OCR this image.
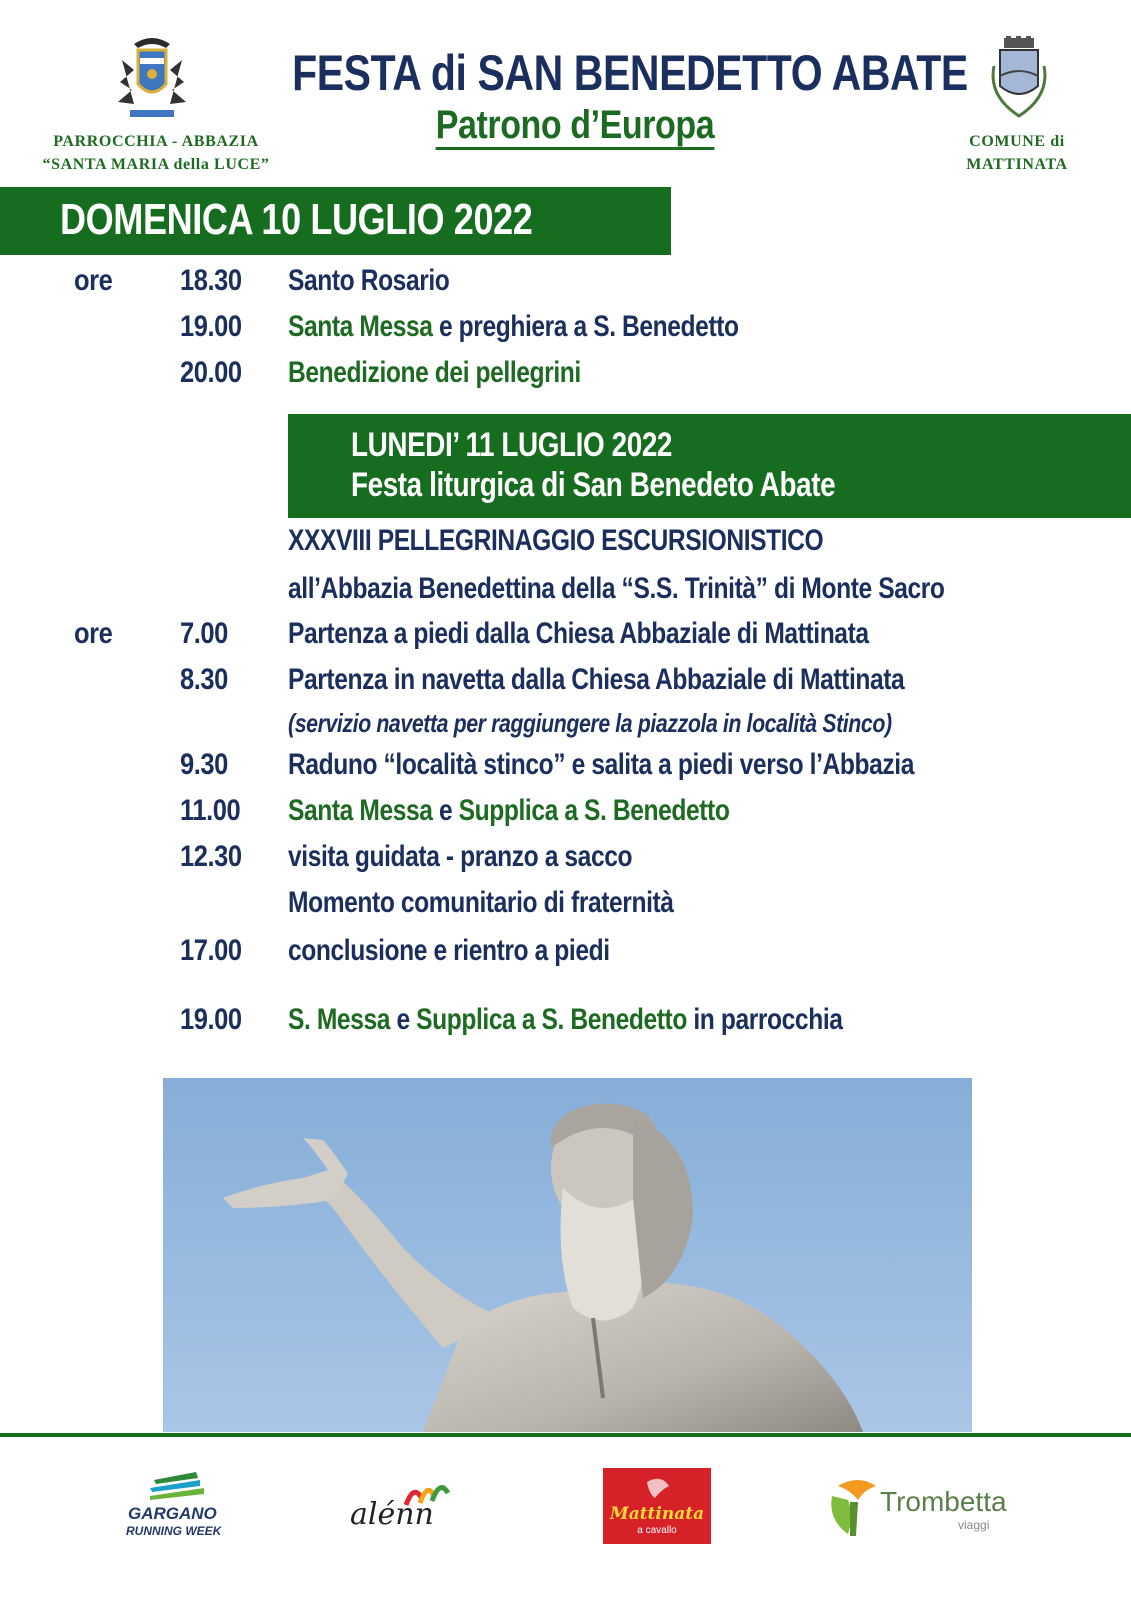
FESTA di SAN BENEDETTO ABATE
Patrono d’Europa
PARROCCHIA - ABBAZIA
“SANTA MARIA della LUCE”
COMUNE di
MATTINATA
DOMENICA 10 LUGLIO 2022
ore 18.30 Santo Rosario
19.00 Santa Messa e preghiera a S. Benedetto
20.00 Benedizione dei pellegrini
LUNEDI’ 11 LUGLIO 2022
Festa liturgica di San Benedeto Abate
XXXVIII PELLEGRINAGGIO ESCURSIONISTICO
all’Abbazia Benedettina della “S.S. Trinità” di Monte Sacro
ore 7.00 Partenza a piedi dalla Chiesa Abbaziale di Mattinata
8.30 Partenza in navetta dalla Chiesa Abbaziale di Mattinata
(servizio navetta per raggiungere la piazzola in località Stinco)
9.30 Raduno “località stinco” e salita a piedi verso l’Abbazia
11.00 Santa Messa e Supplica a S. Benedetto
12.30 visita guidata - pranzo a sacco
Momento comunitario di fraternità
17.00 conclusione e rientro a piedi
19.00 S. Messa e Supplica a S. Benedetto in parrocchia
GARGANO
RUNNING WEEK	alénn	Mattinata
a cavallo
Trombetta
viaggi
